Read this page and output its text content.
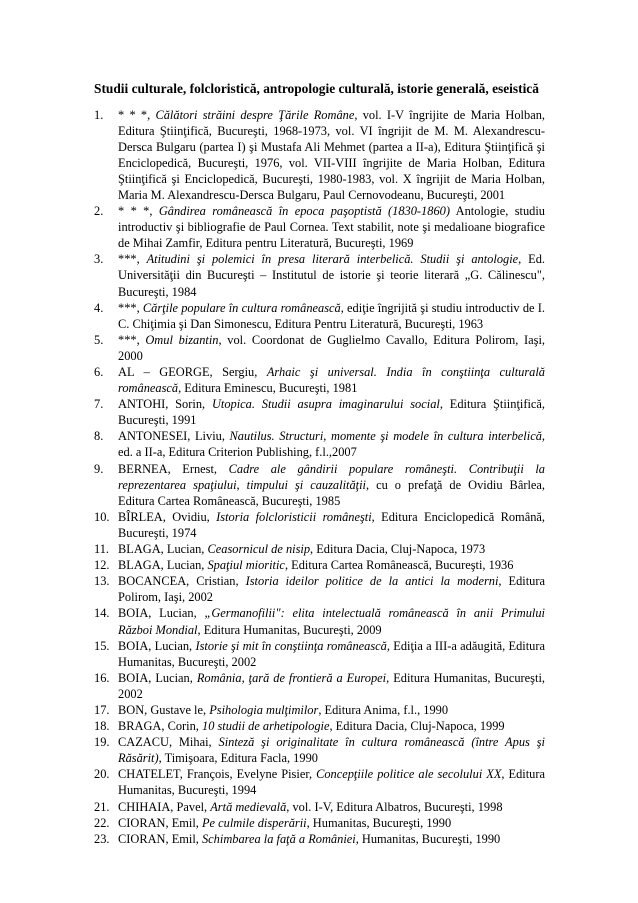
Studii culturale, folcloristică, antropologie culturală, istorie generală, eseistică
1.	* * *, Călători străini despre Ţările Române, vol. I-V îngrijite de Maria Holban, Editura Ştiinţifică, Bucureşti, 1968-1973, vol. VI îngrijit de M. M. Alexandrescu-Dersca Bulgaru (partea I) şi Mustafa Ali Mehmet (partea a II-a), Editura Ştiinţifică şi Enciclopedică, Bucureşti, 1976, vol. VII-VIII îngrijite de Maria Holban, Editura Ştiinţifică şi Enciclopedică, Bucureşti, 1980-1983, vol. X îngrijit de Maria Holban, Maria M. Alexandrescu-Dersca Bulgaru, Paul Cernovodeanu, Bucureşti, 2001
2.	* * *, Gândirea românească în epoca paşoptistă (1830-1860) Antologie, studiu introductiv şi bibliografie de Paul Cornea. Text stabilit, note şi medalioane biografice de Mihai Zamfir, Editura pentru Literatură, Bucureşti, 1969
3.	***, Atitudini şi polemici în presa literară interbelică. Studii şi antologie, Ed. Universităţii din Bucureşti – Institutul de istorie şi teorie literară „G. Călinescu", Bucureşti, 1984
4.	***, Cărţile populare în cultura românească, ediţie îngrijită şi studiu introductiv de I. C. Chiţimia şi Dan Simonescu, Editura Pentru Literatură, Bucureşti, 1963
5.	***, Omul bizantin, vol. Coordonat de Guglielmo Cavallo, Editura Polirom, Iaşi, 2000
6.	AL – GEORGE, Sergiu, Arhaic şi universal. India în conştiinţa culturală românească, Editura Eminescu, Bucureşti, 1981
7.	ANTOHI, Sorin, Utopica. Studii asupra imaginarului social, Editura Ştiinţifică, Bucureşti, 1991
8.	ANTONESEI, Liviu, Nautilus. Structuri, momente şi modele în cultura interbelică, ed. a II-a, Editura Criterion Publishing, f.l.,2007
9.	BERNEA, Ernest, Cadre ale gândirii populare româneşti. Contribuţii la reprezentarea spaţiului, timpului şi cauzalităţii, cu o prefaţă de Ovidiu Bârlea, Editura Cartea Românească, Bucureşti, 1985
10. BÎRLEA, Ovidiu, Istoria folcloristicii româneşti, Editura Enciclopedică Română, Bucureşti, 1974
11. BLAGA, Lucian, Ceasornicul de nisip, Editura Dacia, Cluj-Napoca, 1973
12. BLAGA, Lucian, Spaţiul mioritic, Editura Cartea Românească, Bucureşti, 1936
13. BOCANCEA, Cristian, Istoria ideilor politice de la antici la moderni, Editura Polirom, Iaşi, 2002
14. BOIA, Lucian, „Germanofilii": elita intelectuală românească în anii Primului Război Mondial, Editura Humanitas, Bucureşti, 2009
15. BOIA, Lucian, Istorie şi mit în conştiinţa românească, Ediţia a III-a adăugită, Editura Humanitas, Bucureşti, 2002
16. BOIA, Lucian, România, ţară de frontieră a Europei, Editura Humanitas, Bucureşti, 2002
17. BON, Gustave le, Psihologia mulţimilor, Editura Anima, f.l., 1990
18. BRAGA, Corin, 10 studii de arhetipologie, Editura Dacia, Cluj-Napoca, 1999
19. CAZACU, Mihai, Sinteză şi originalitate în cultura românească (între Apus şi Răsărit), Timişoara, Editura Facla, 1990
20. CHATELET, François, Evelyne Pisier, Concepţiile politice ale secolului XX, Editura Humanitas, Bucureşti, 1994
21. CHIHAIA, Pavel, Artă medievală, vol. I-V, Editura Albatros, Bucureşti, 1998
22. CIORAN, Emil, Pe culmile disperării, Humanitas, Bucureşti, 1990
23. CIORAN, Emil, Schimbarea la faţă a României, Humanitas, Bucureşti, 1990
